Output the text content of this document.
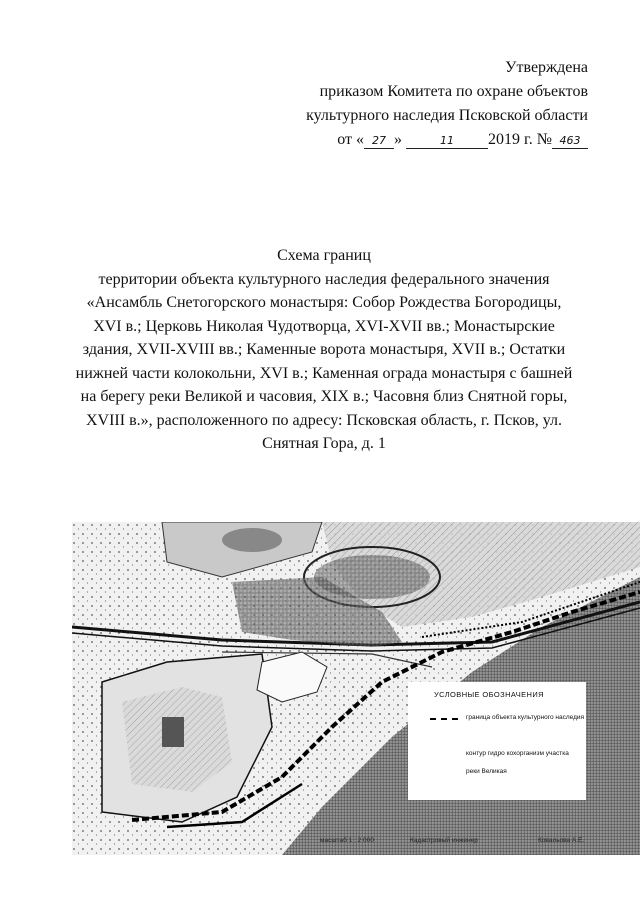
Утверждена
приказом Комитета по охране объектов
культурного наследия Псковской области
от « 27 »	11 2019 г. № 463

Схема границ

территории объекта культурного наследия федерального значения

«Ансамбль Снетогорского монастыря: Собор Рождества Богородицы,

XVI в.; Церковь Николая Чудотворца, XVI-XVII вв.; Монастырские

здания, XVII-XVIII вв.; Каменные ворота монастыря, XVII в.; Остатки

нижней части колокольни, XVI в.; Каменная ограда монастыря с башней

на берегу реки Великой и часовия, XIX в.; Часовня близ Снятной горы,

XVIII в.», расположенного по адресу: Псковская область, г. Псков, ул.

Снятная Гора, д. 1

УСЛОВНЫЕ ОБОЗНАЧЕНИЯ
граница объекта культурного наследия
контур гидро кохорганизм участка
реки Великая
масштаб 1 : 2 000	Кадастровый инженер	Ковальова А.Е.
